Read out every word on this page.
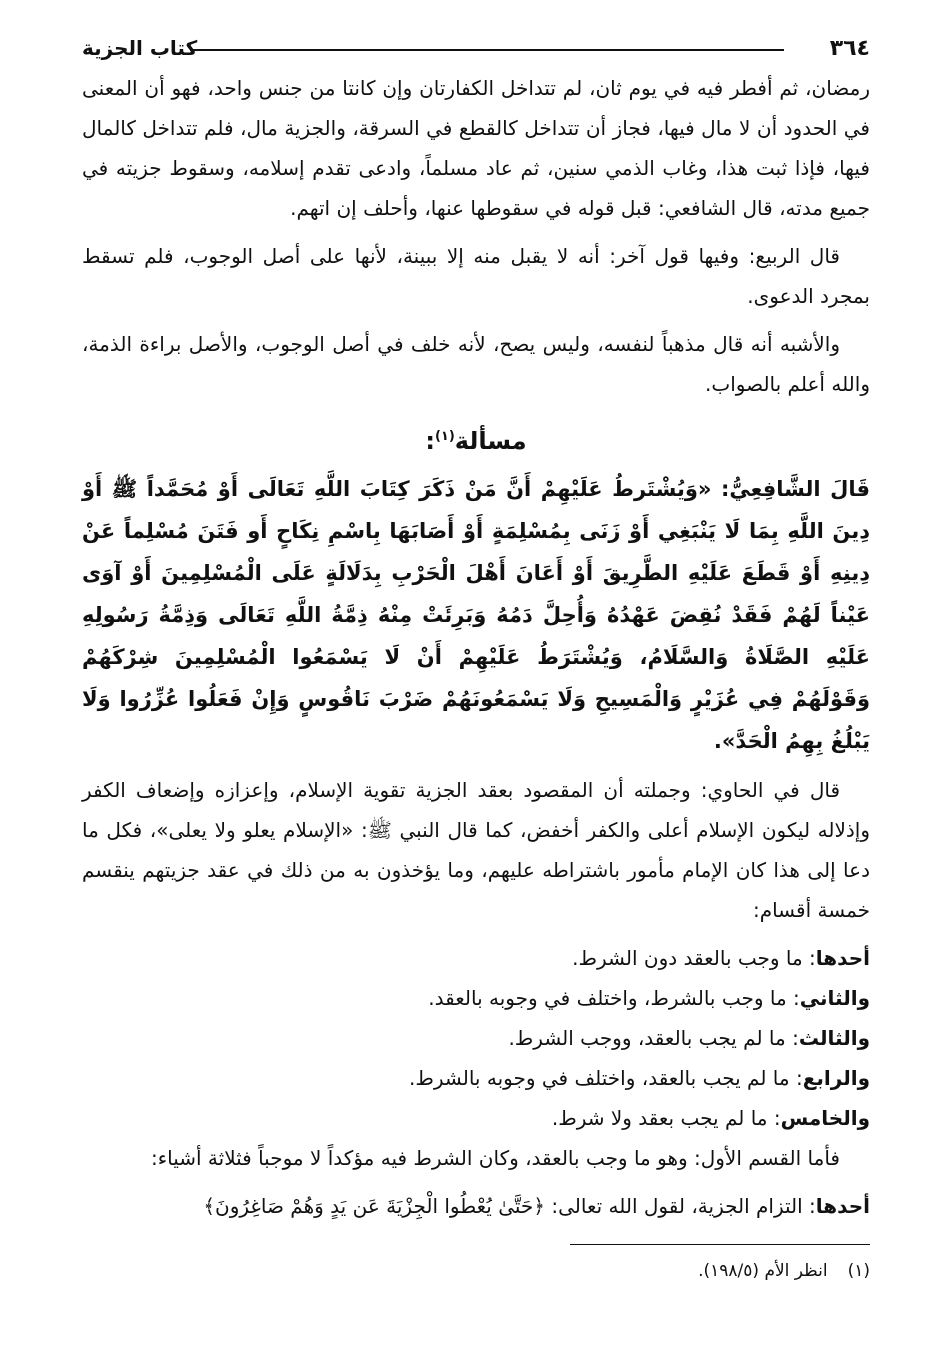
٣٦٤
كتاب الجزية

رمضان، ثم أفطر فيه في يوم ثان، لم تتداخل الكفارتان وإن كانتا من جنس واحد، فهو أن المعنى في الحدود أن لا مال فيها، فجاز أن تتداخل كالقطع في السرقة، والجزية مال، فلم تتداخل كالمال فيها، فإذا ثبت هذا، وغاب الذمي سنين، ثم عاد مسلماً، وادعى تقدم إسلامه، وسقوط جزيته في جميع مدته، قال الشافعي: قبل قوله في سقوطها عنها، وأحلف إن اتهم.

قال الربيع: وفيها قول آخر: أنه لا يقبل منه إلا ببينة، لأنها على أصل الوجوب، فلم تسقط بمجرد الدعوى.

والأشبه أنه قال مذهباً لنفسه، وليس يصح، لأنه خلف في أصل الوجوب، والأصل براءة الذمة، والله أعلم بالصواب.

مسألة$^{(١)}$:

قَالَ الشَّافِعِيُّ: «وَيُشْتَرطُ عَلَيْهِمْ أَنَّ مَنْ ذَكَرَ كِتَابَ اللَّهِ تَعَالَى أَوْ مُحَمَّداً ﷺ أَوْ دِينَ اللَّهِ بِمَا لَا يَنْبَغِي أَوْ زَنَى بِمُسْلِمَةٍ أَوْ أَصَابَهَا بِاسْمِ نِكَاحٍ أَو فَتَنَ مُسْلِماً عَنْ دِينِهِ أَوْ قَطَعَ عَلَيْهِ الطَّرِيقَ أَوْ أَعَانَ أَهْلَ الْحَرْبِ بِدَلَالَةٍ عَلَى الْمُسْلِمِينَ أَوْ آوَى عَيْناً لَهُمْ فَقَدْ نُقِضَ عَهْدُهُ وَأُحِلَّ دَمُهُ وَبَرِئَتْ مِنْهُ ذِمَّةُ اللَّهِ تَعَالَى وَذِمَّةُ رَسُولِهِ عَلَيْهِ الصَّلَاةُ وَالسَّلَامُ، وَيُشْتَرَطُ عَلَيْهِمْ أَنْ لَا يَسْمَعُوا الْمُسْلِمِينَ شِرْكَهُمْ وَقَوْلَهُمْ فِي عُزَيْرٍ وَالْمَسِيحِ وَلَا يَسْمَعُونَهُمْ ضَرْبَ نَاقُوسٍ وَإِنْ فَعَلُوا عُزِّرُوا وَلَا يَبْلُغُ بِهِمُ الْحَدَّ».

قال في الحاوي: وجملته أن المقصود بعقد الجزية تقوية الإسلام، وإعزازه وإضعاف الكفر وإذلاله ليكون الإسلام أعلى والكفر أخفض، كما قال النبي ﷺ: «الإسلام يعلو ولا يعلى»، فكل ما دعا إلى هذا كان الإمام مأمور باشتراطه عليهم، وما يؤخذون به من ذلك في عقد جزيتهم ينقسم خمسة أقسام:

أحدها: ما وجب بالعقد دون الشرط.
والثاني: ما وجب بالشرط، واختلف في وجوبه بالعقد.
والثالث: ما لم يجب بالعقد، ووجب الشرط.
والرابع: ما لم يجب بالعقد، واختلف في وجوبه بالشرط.
والخامس: ما لم يجب بعقد ولا شرط.

فأما القسم الأول: وهو ما وجب بالعقد، وكان الشرط فيه مؤكداً لا موجباً فثلاثة أشياء:

أحدها: التزام الجزية، لقول الله تعالى: ﴿حَتَّىٰ يُعْطُوا الْجِزْيَةَ عَن يَدٍ وَهُمْ صَاغِرُونَ﴾
(١)انظر الأم (١٩٨/٥).
